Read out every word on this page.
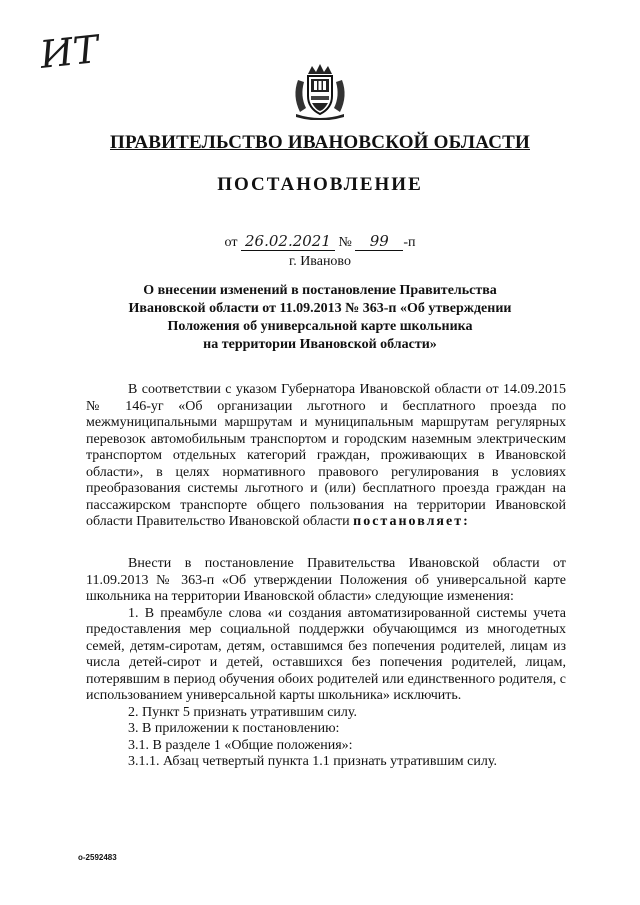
ИТ
ПРАВИТЕЛЬСТВО ИВАНОВСКОЙ ОБЛАСТИ
ПОСТАНОВЛЕНИЕ
от 26.02.2021 № 99 -п
г. Иваново
О внесении изменений в постановление Правительства
Ивановской области от 11.09.2013 № 363-п «Об утверждении
Положения об универсальной карте школьника
на территории Ивановской области»

В соответствии с указом Губернатора Ивановской области от 14.09.2015 № 146-уг «Об организации льготного и бесплатного проезда по межмуниципальными маршрутам и муниципальным маршрутам регулярных перевозок автомобильным транспортом и городским наземным электрическим транспортом отдельных категорий граждан, проживающих в Ивановской области», в целях нормативного правового регулирования в условиях преобразования системы льготного и (или) бесплатного проезда граждан на пассажирском транспорте общего пользования на территории Ивановской области Правительство Ивановской области постановляет:

Внести в постановление Правительства Ивановской области от 11.09.2013 № 363-п «Об утверждении Положения об универсальной карте школьника на территории Ивановской области» следующие изменения:

1. В преамбуле слова «и создания автоматизированной системы учета предоставления мер социальной поддержки обучающимся из многодетных семей, детям-сиротам, детям, оставшимся без попечения родителей, лицам из числа детей-сирот и детей, оставшихся без попечения родителей, лицам, потерявшим в период обучения обоих родителей или единственного родителя, с использованием универсальной карты школьника» исключить.

2. Пункт 5 признать утратившим силу.

3. В приложении к постановлению:

3.1. В разделе 1 «Общие положения»:

3.1.1. Абзац четвертый пункта 1.1 признать утратившим силу.

о-2592483
